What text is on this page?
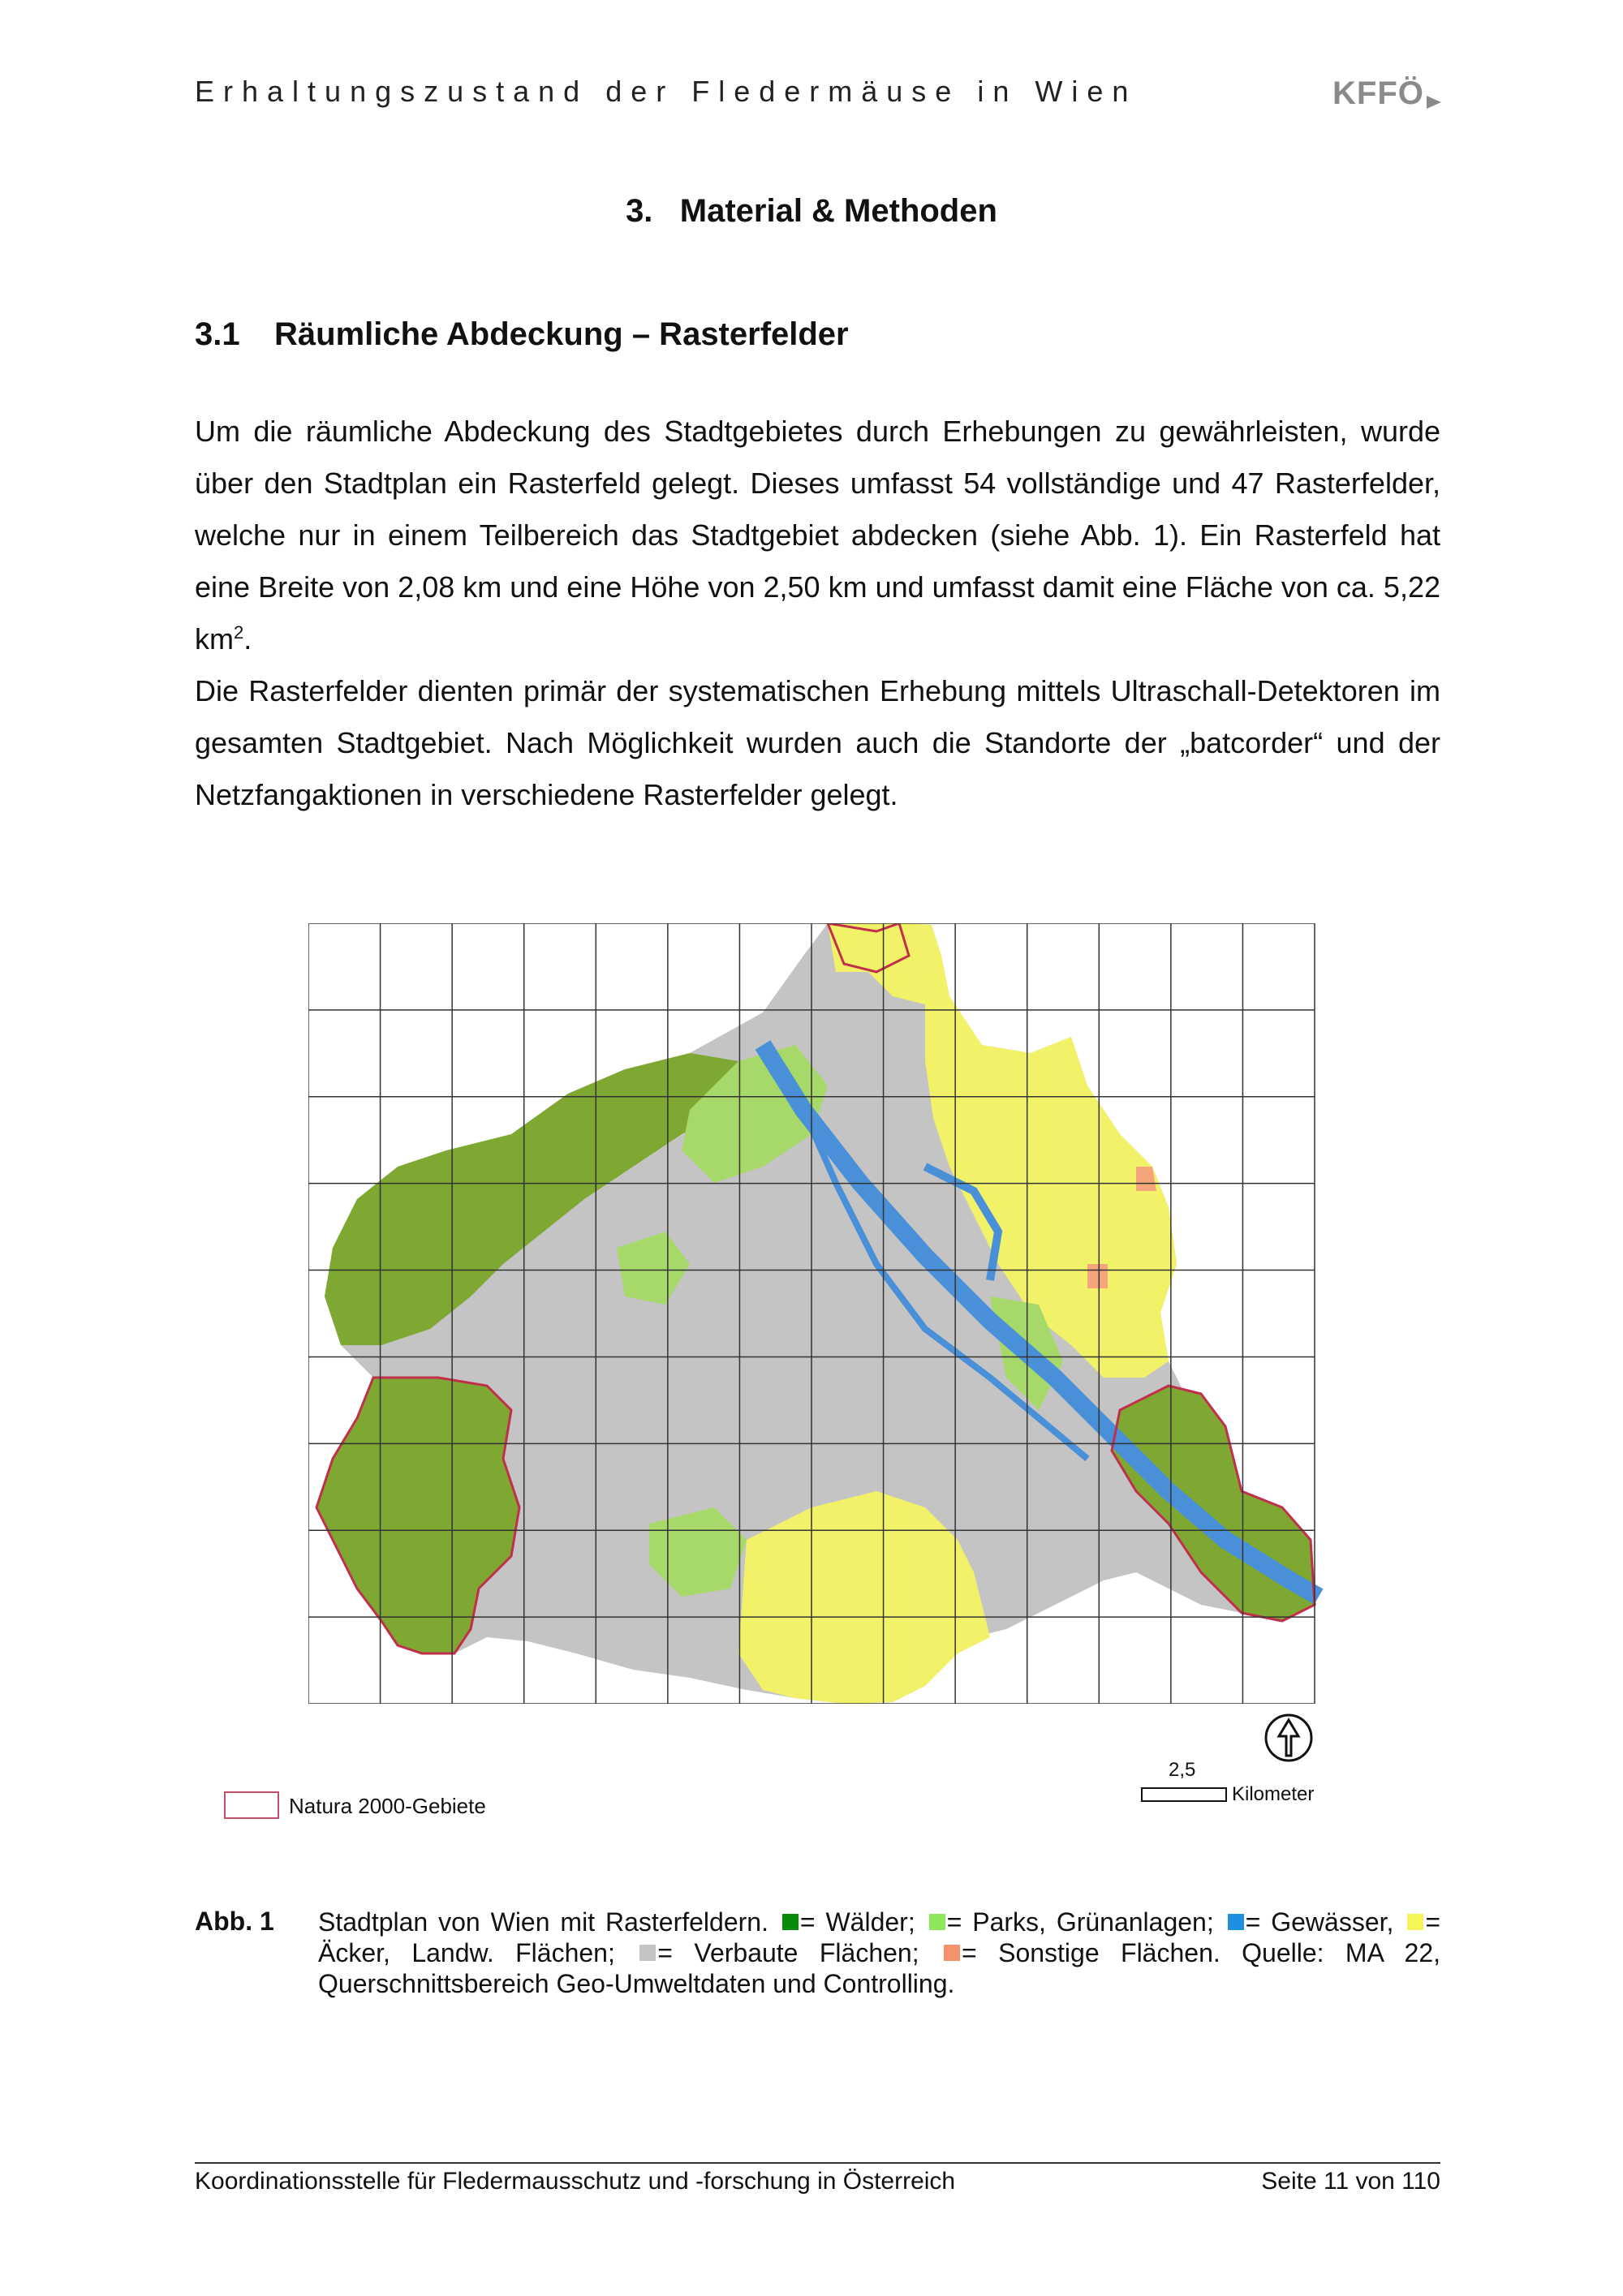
Erhaltungszustand der Fledermäuse in Wien	KFFÖ
3. Material & Methoden
3.1 Räumliche Abdeckung – Rasterfelder

Um die räumliche Abdeckung des Stadtgebietes durch Erhebungen zu gewährleisten, wurde über den Stadtplan ein Rasterfeld gelegt. Dieses umfasst 54 vollständige und 47 Rasterfelder, welche nur in einem Teilbereich das Stadtgebiet abdecken (siehe Abb. 1). Ein Rasterfeld hat eine Breite von 2,08 km und eine Höhe von 2,50 km und umfasst damit eine Fläche von ca. 5,22 $km^2$.

Die Rasterfelder dienten primär der systematischen Erhebung mittels Ultraschall-Detektoren im gesamten Stadtgebiet. Nach Möglichkeit wurden auch die Standorte der „batcorder“ und der Netzfangaktionen in verschiedene Rasterfelder gelegt.

2,5
Kilometer
Natura 2000-Gebiete
Abb. 1 Stadtplan von Wien mit Rasterfeldern. = Wälder; = Parks, Grünanlagen; = Gewässer, = Äcker, Landw. Flächen; = Verbaute Flächen; = Sonstige Flächen. Quelle: MA 22, Querschnittsbereich Geo-Umweltdaten und Controlling.
Koordinationsstelle für Fledermausschutz und -forschung in Österreich	Seite 11 von 110
